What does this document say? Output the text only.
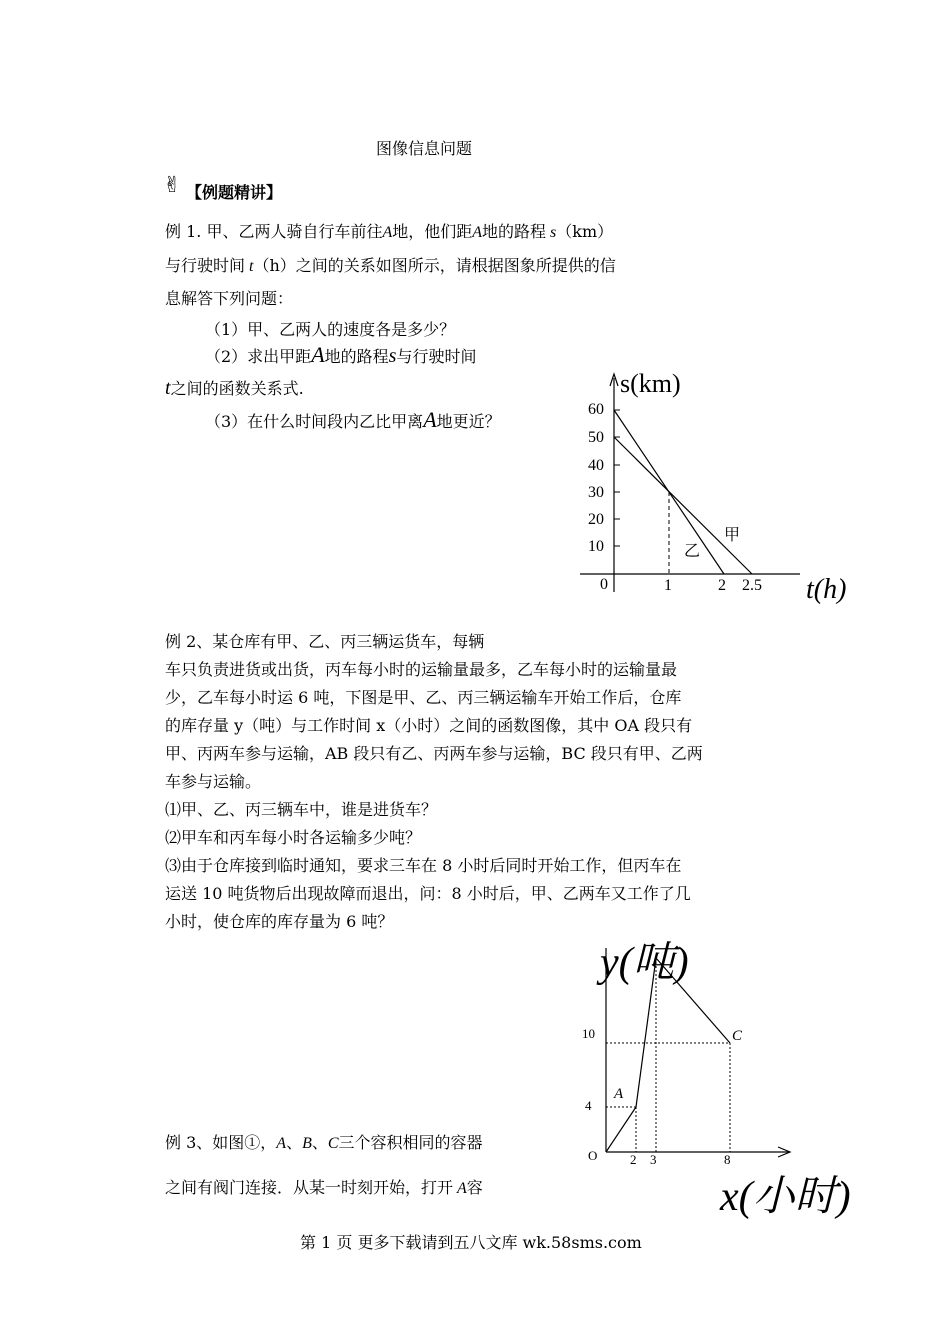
图像信息问题
✌ 【例题精讲】
例 1. 甲、乙两人骑自行车前往A地，他们距A地的路程 s（km）
与行驶时间 t（h）之间的关系如图所示，请根据图象所提供的信
息解答下列问题：
（1）甲、乙两人的速度各是多少？
（2）求出甲距A地的路程s与行驶时间
t之间的函数关系式.
（3）在什么时间段内乙比甲离A地更近？
s(km)
t(h)
0
60
50
40
30
20
10
1	2 2.5
甲
乙
例 2、某仓库有甲、乙、丙三辆运货车，每辆
车只负责进货或出货，丙车每小时的运输量最多，乙车每小时的运输量最
少，乙车每小时运 6 吨，下图是甲、乙、丙三辆运输车开始工作后，仓库
的库存量 y（吨）与工作时间 x（小时）之间的函数图像，其中 OA 段只有
甲、丙两车参与运输，AB 段只有乙、丙两车参与运输，BC 段只有甲、乙两
车参与运输。
⑴甲、乙、丙三辆车中，谁是进货车？
⑵甲车和丙车每小时各运输多少吨？
⑶由于仓库接到临时通知，要求三车在 8 小时后同时开始工作，但丙车在
运送 10 吨货物后出现故障而退出，问：8 小时后，甲、乙两车又工作了几
小时，使仓库的库存量为 6 吨？
y(吨)
x(小时)
O
10
4
2 3	8
A
C
例 3、如图①，A、B、C三个容积相同的容器
之间有阀门连接．从某一时刻开始，打开 A容
第 1 页 更多下载请到五八文库 wk.58sms.com
